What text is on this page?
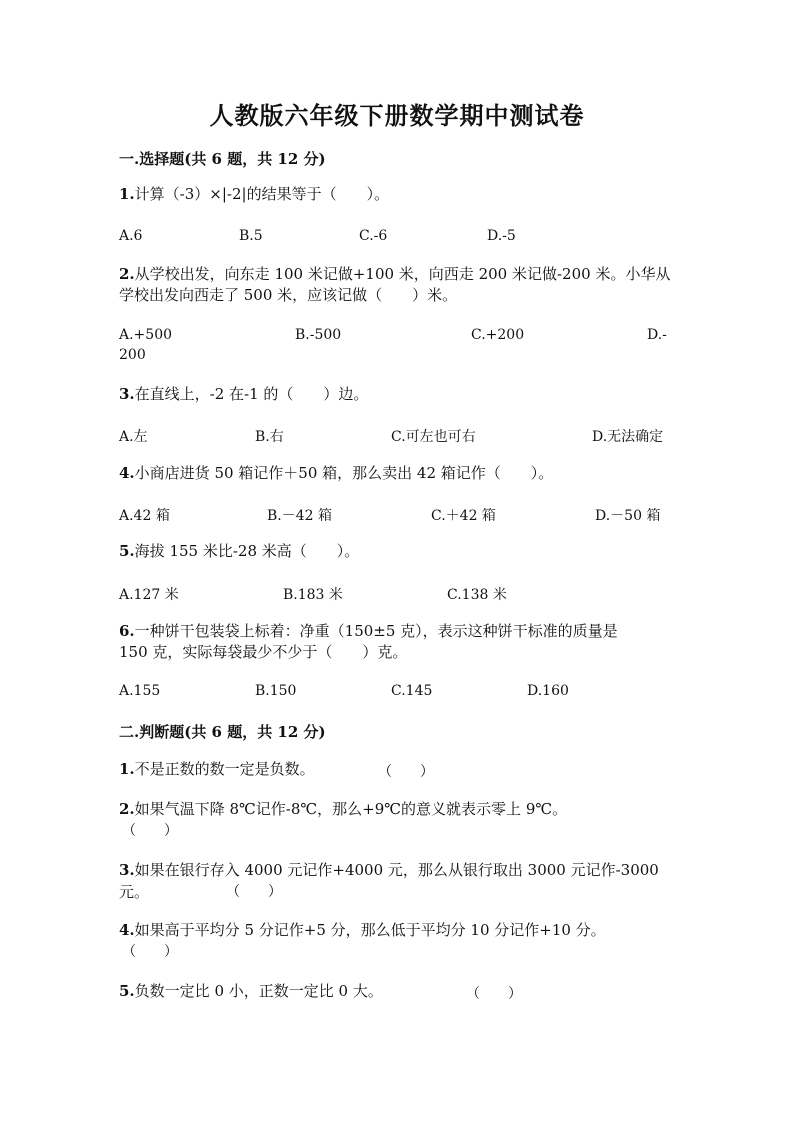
人教版六年级下册数学期中测试卷
一.选择题(共 6 题，共 12 分)
1.计算（-3）×|-2|的结果等于（　　）。
A.6	B.5	C.-6	D.-5
2.从学校出发，向东走 100 米记做+100 米，向西走 200 米记做-200 米。小华从
学校出发向西走了 500 米，应该记做（　　）米。
A.+500	B.-500	C.+200	D.-
200
3.在直线上，-2 在-1 的（　　）边。
A.左	B.右	C.可左也可右	D.无法确定
4.小商店进货 50 箱记作＋50 箱，那么卖出 42 箱记作（　　）。
A.42 箱	B.－42 箱	C.＋42 箱	D.－50 箱
5.海拔 155 米比-28 米高（　　）。
A.127 米	B.183 米	C.138 米
6.一种饼干包装袋上标着：净重（150±5 克），表示这种饼干标准的质量是
150 克，实际每袋最少不少于（　　）克。
A.155	B.150	C.145	D.160
二.判断题(共 6 题，共 12 分)
1.不是正数的数一定是负数。	（　　）
2.如果气温下降 8℃记作-8℃，那么+9℃的意义就表示零上 9℃。
（　　）
3.如果在银行存入 4000 元记作+4000 元，那么从银行取出 3000 元记作-3000
元。	（　　）
4.如果高于平均分 5 分记作+5 分，那么低于平均分 10 分记作+10 分。
（　　）
5.负数一定比 0 小，正数一定比 0 大。	（　　）
